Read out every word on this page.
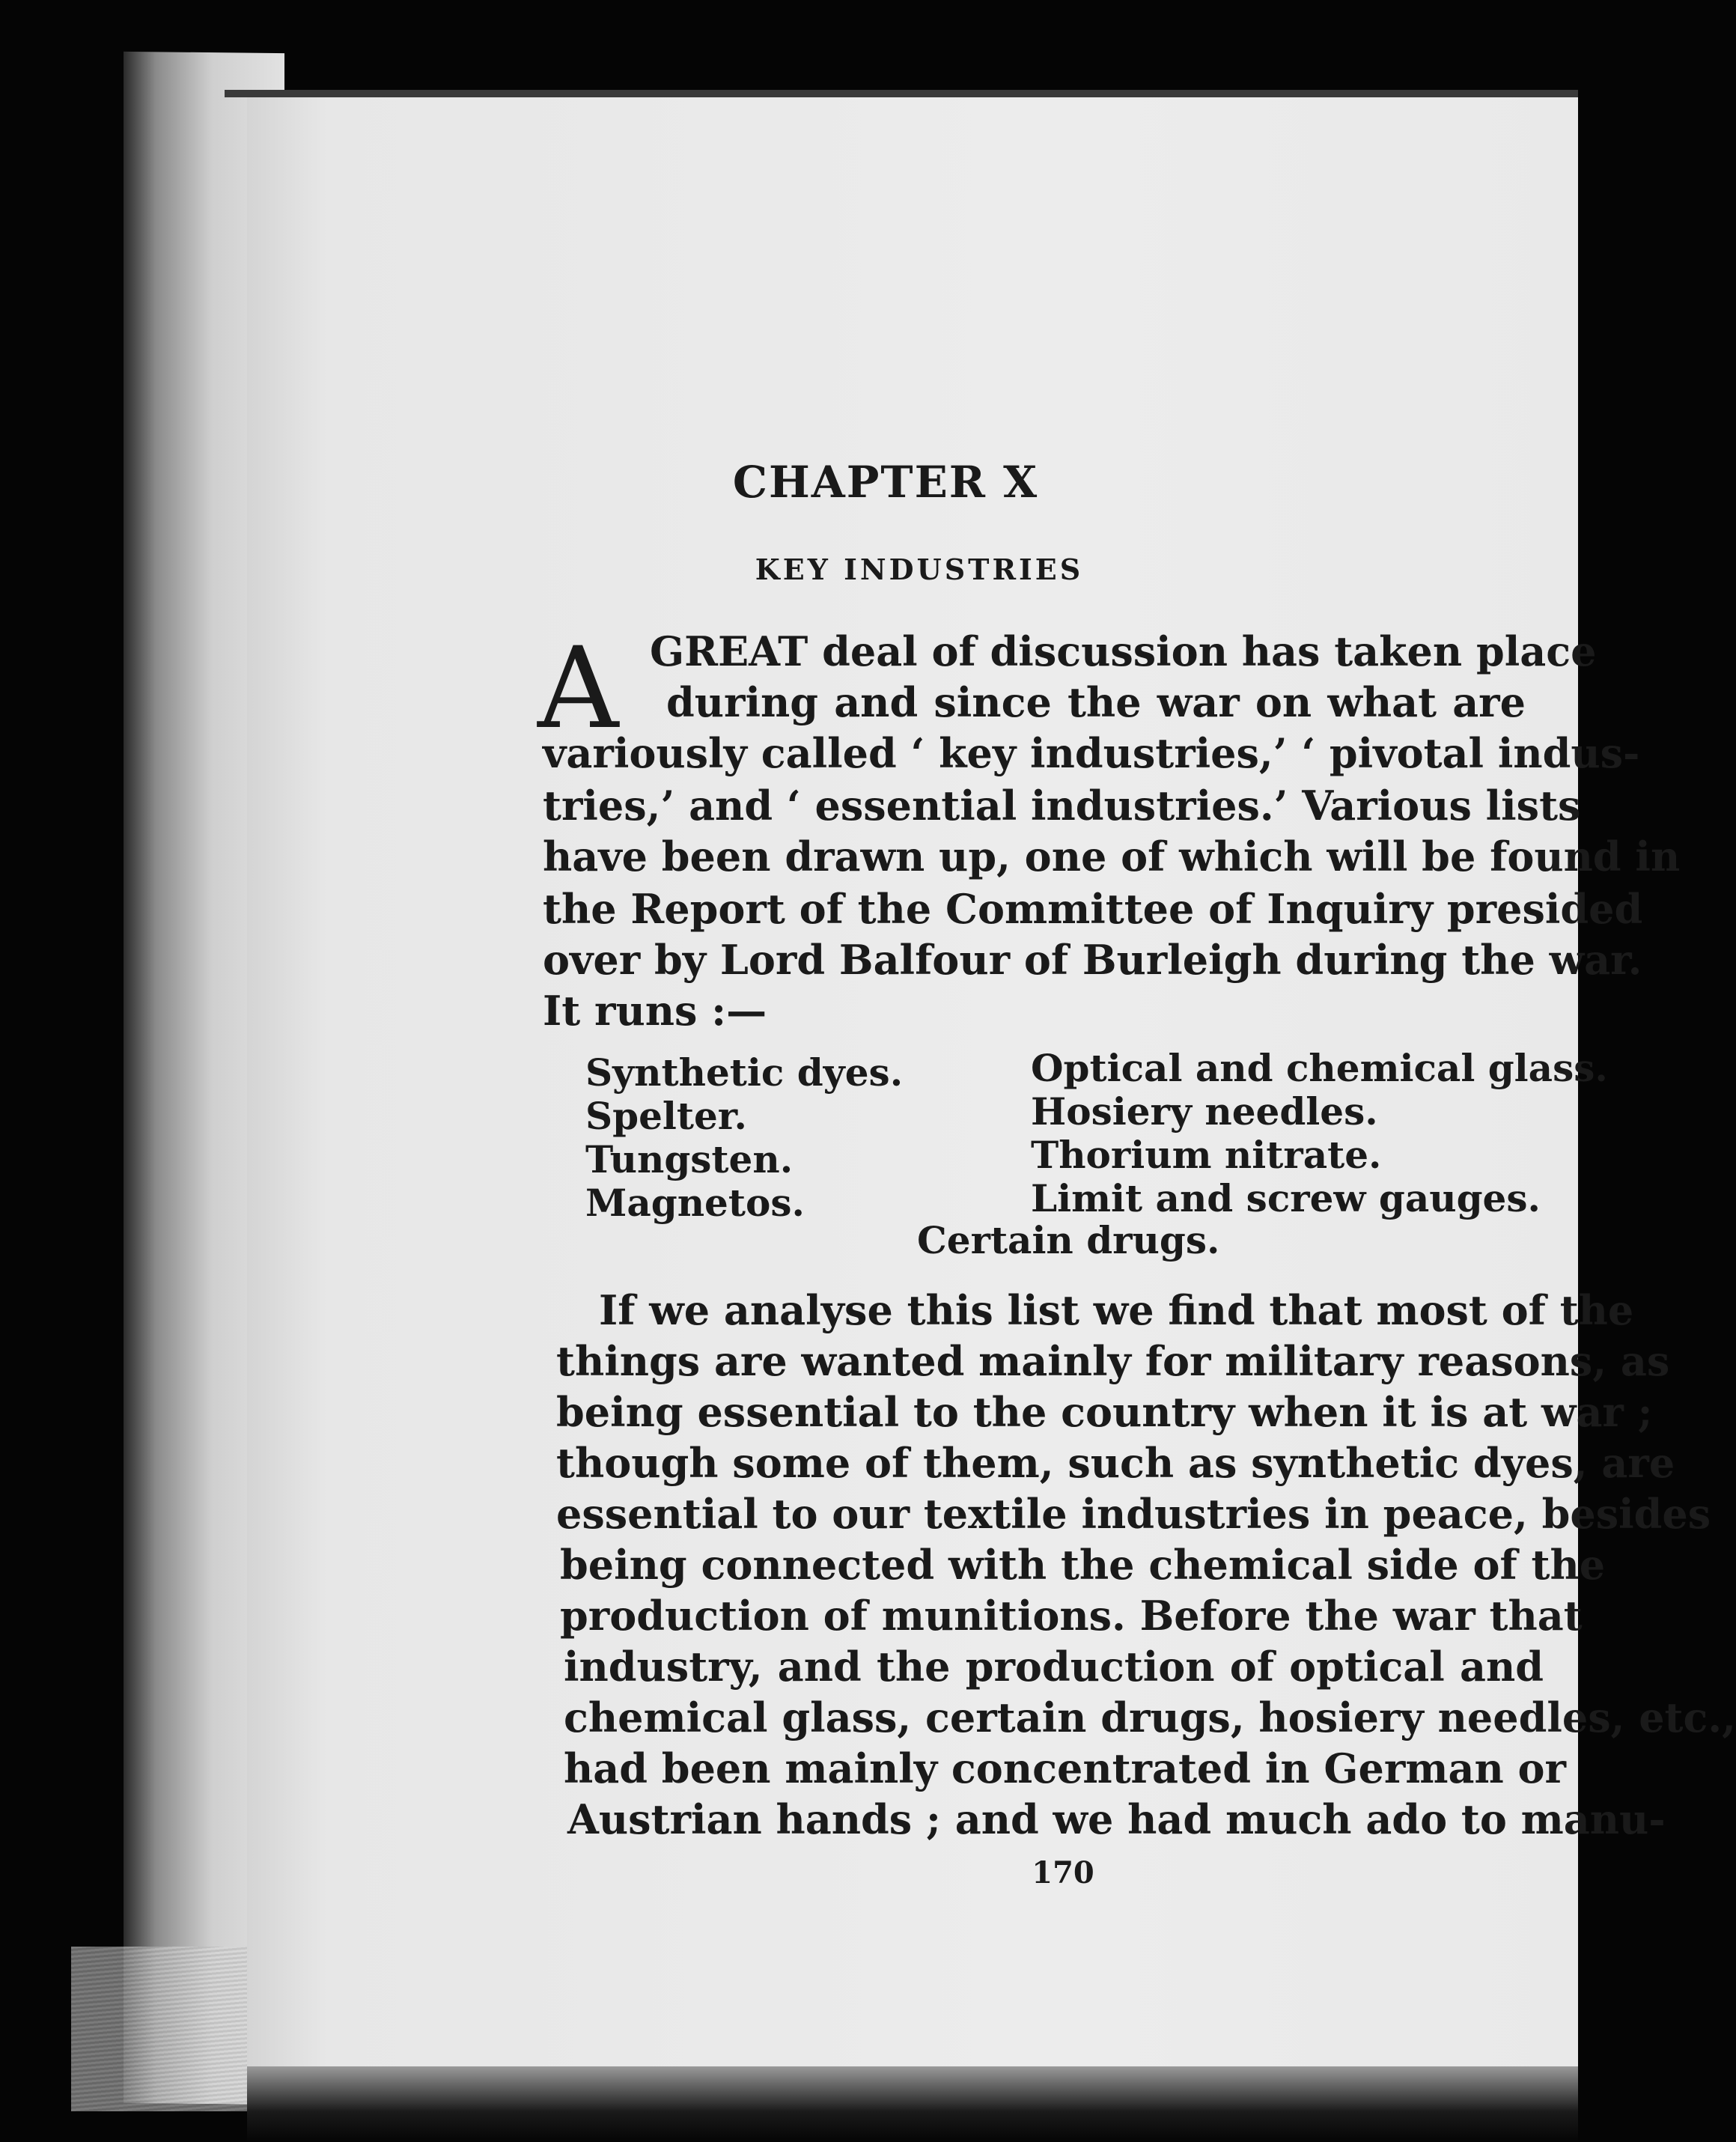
CHAPTER X
KEY INDUSTRIES
A GREAT deal of discussion has taken place
during and since the war on what are
variously called ‘ key industries,’ ‘ pivotal indus-
tries,’ and ‘ essential industries.’ Various lists
have been drawn up, one of which will be found in
the Report of the Committee of Inquiry presided
over by Lord Balfour of Burleigh during the war.
It runs :—
Synthetic dyes.
Spelter.
Tungsten.
Magnetos.
Optical and chemical glass.
Hosiery needles.
Thorium nitrate.
Limit and screw gauges.
Certain drugs.
If we analyse this list we find that most of the
things are wanted mainly for military reasons, as
being essential to the country when it is at war ;
though some of them, such as synthetic dyes, are
essential to our textile industries in peace, besides
being connected with the chemical side of the
production of munitions. Before the war that
industry, and the production of optical and
chemical glass, certain drugs, hosiery needles, etc.,
had been mainly concentrated in German or
Austrian hands ; and we had much ado to manu-
170
